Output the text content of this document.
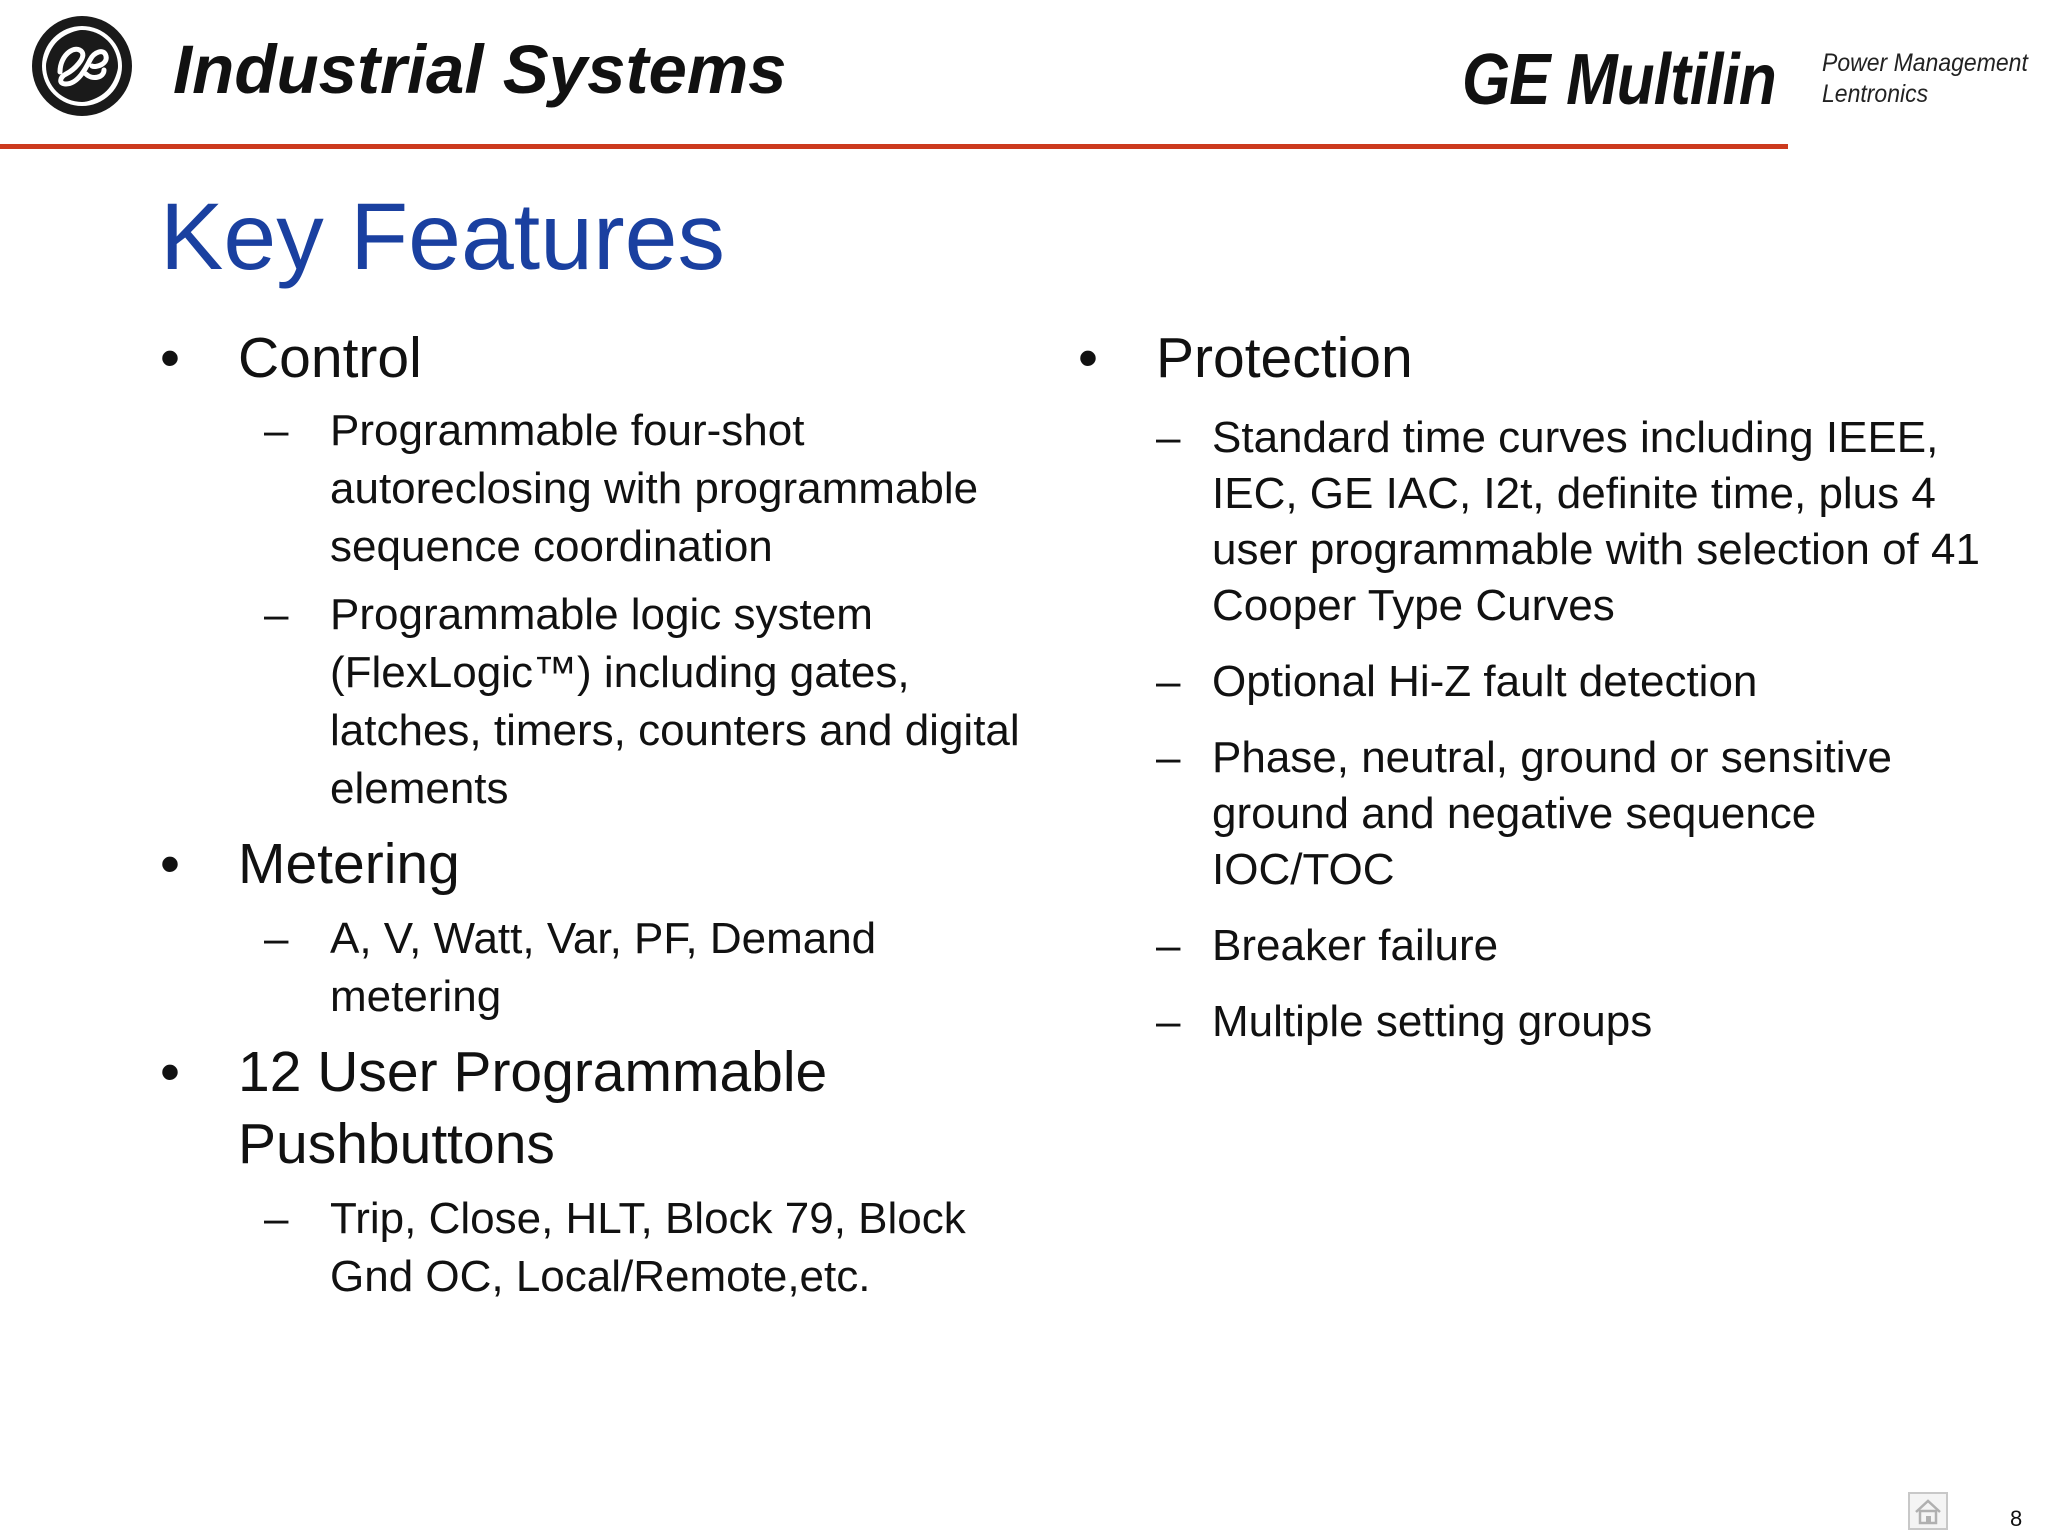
Industrial Systems	GE Multilin Power Management
Lentronics
Key Features
•	Control
– Programmable four-shot autoreclosing with programmable sequence coordination
– Programmable logic system (FlexLogic™) including gates, latches, timers, counters and digital elements
•	Metering
– A, V, Watt, Var, PF, Demand metering
•	12 User Programmable Pushbuttons
– Trip, Close, HLT, Block 79, Block Gnd OC, Local/Remote,etc.
•	Protection
– Standard time curves including IEEE, IEC, GE IAC, I2t, definite time, plus 4 user programmable with selection of 41 Cooper Type Curves
– Optional Hi-Z fault detection
– Phase, neutral, ground or sensitive ground and negative sequence IOC/TOC
– Breaker failure
– Multiple setting groups
8
